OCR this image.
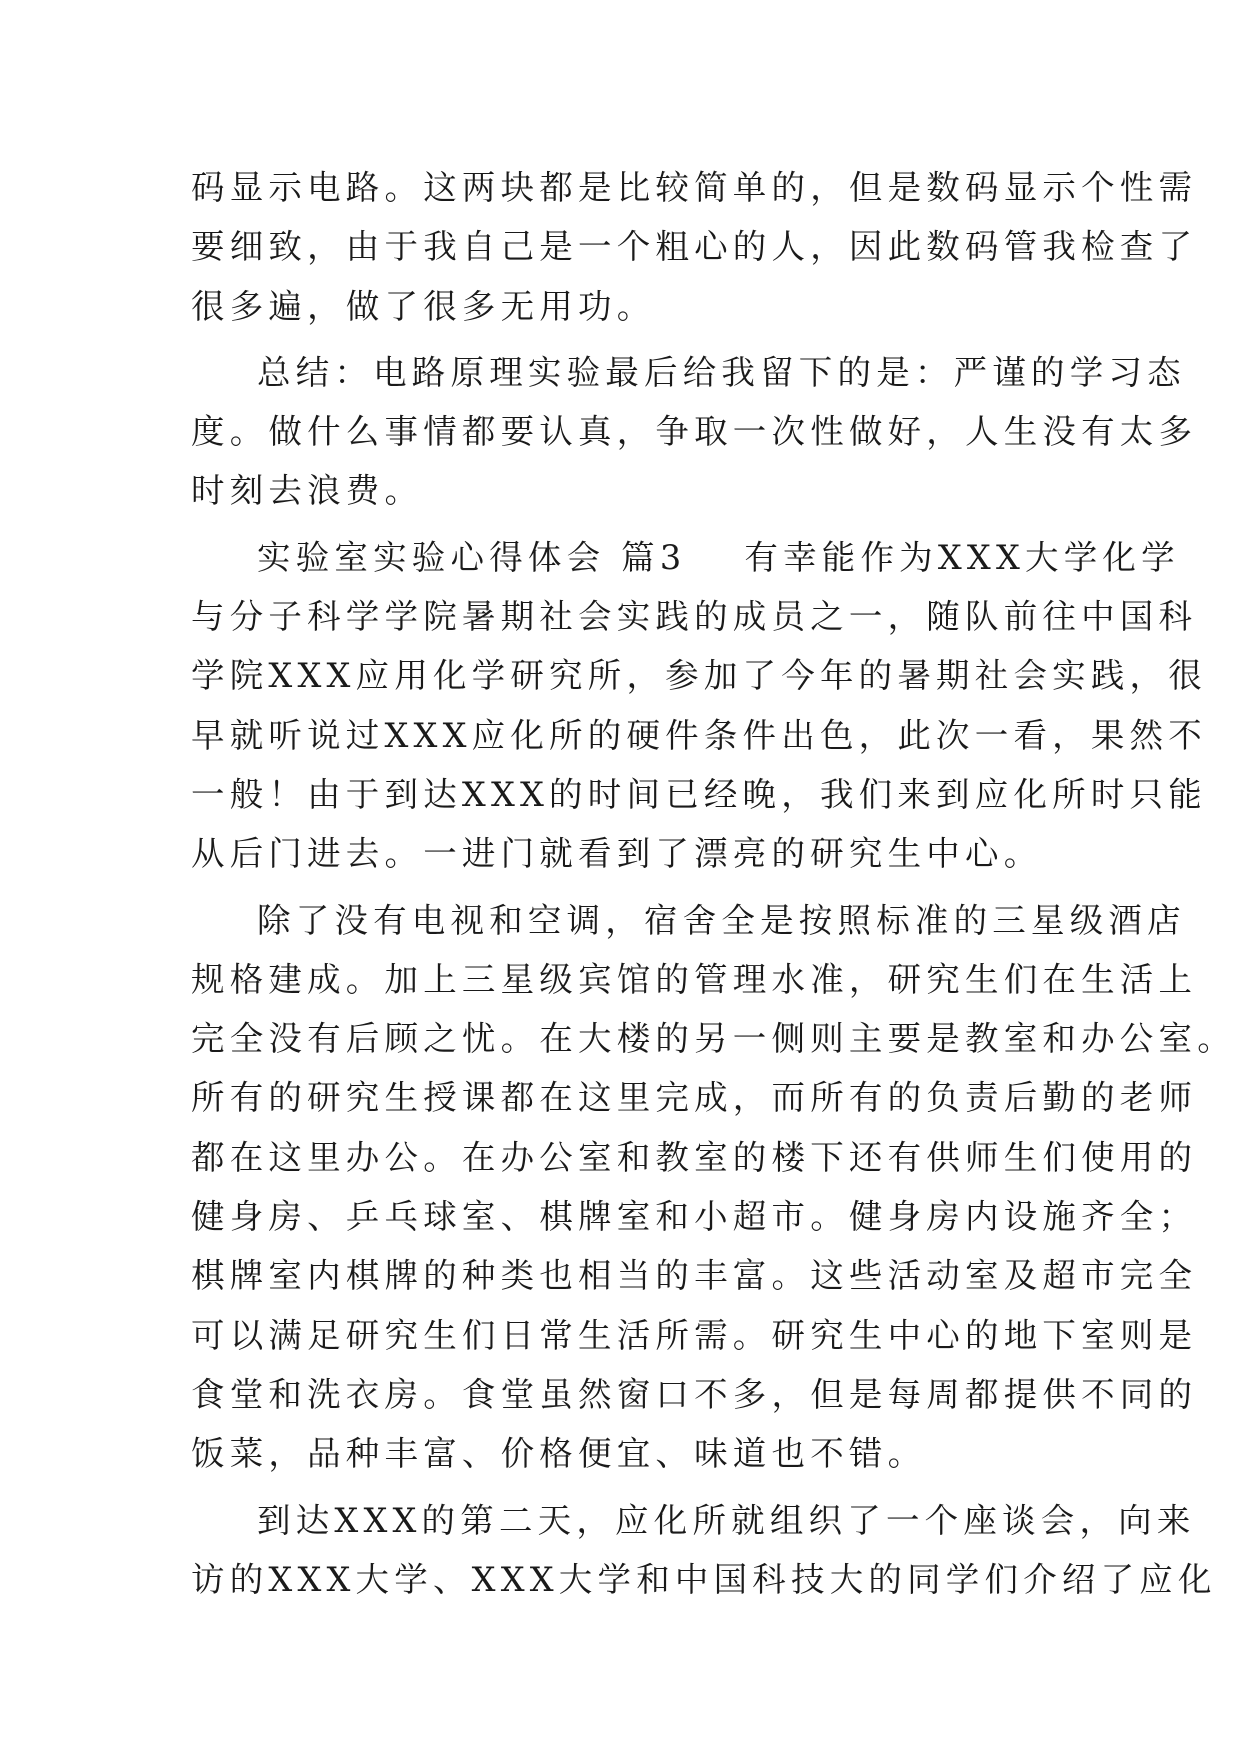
码显示电路。这两块都是比较简单的，但是数码显示个性需
要细致，由于我自己是一个粗心的人，因此数码管我检查了
很多遍，做了很多无用功。
总结：电路原理实验最后给我留下的是：严谨的学习态
度。做什么事情都要认真，争取一次性做好，人生没有太多
时刻去浪费。
实验室实验心得体会 篇3 有幸能作为XXX大学化学
与分子科学学院暑期社会实践的成员之一，随队前往中国科
学院XXX应用化学研究所，参加了今年的暑期社会实践，很
早就听说过XXX应化所的硬件条件出色，此次一看，果然不
一般！由于到达XXX的时间已经晚，我们来到应化所时只能
从后门进去。一进门就看到了漂亮的研究生中心。
除了没有电视和空调，宿舍全是按照标准的三星级酒店
规格建成。加上三星级宾馆的管理水准，研究生们在生活上
完全没有后顾之忧。在大楼的另一侧则主要是教室和办公室。
所有的研究生授课都在这里完成，而所有的负责后勤的老师
都在这里办公。在办公室和教室的楼下还有供师生们使用的
健身房、乒乓球室、棋牌室和小超市。健身房内设施齐全；
棋牌室内棋牌的种类也相当的丰富。这些活动室及超市完全
可以满足研究生们日常生活所需。研究生中心的地下室则是
食堂和洗衣房。食堂虽然窗口不多，但是每周都提供不同的
饭菜，品种丰富、价格便宜、味道也不错。
到达XXX的第二天，应化所就组织了一个座谈会，向来
访的XXX大学、XXX大学和中国科技大的同学们介绍了应化
